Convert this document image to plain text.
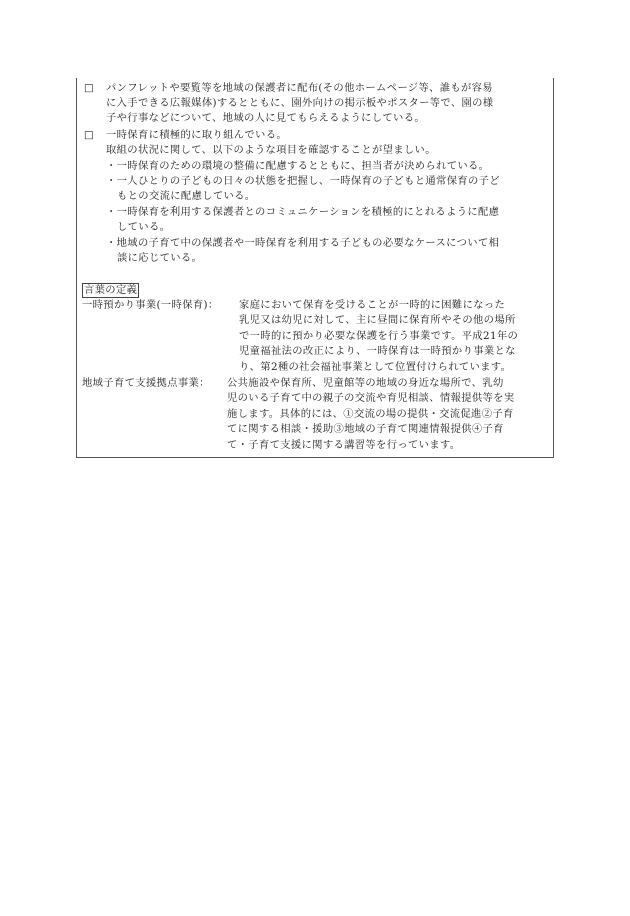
□ パンフレットや要覧等を地域の保護者に配布(その他ホームページ等、誰もが容易
に入手できる広報媒体)するとともに、園外向けの掲示板やポスター等で、園の様
子や行事などについて、地域の人に見てもらえるようにしている。
□ 一時保育に積極的に取り組んでいる。
取組の状況に関して、以下のような項目を確認することが望ましい。
・一時保育のための環境の整備に配慮するとともに、担当者が決められている。
・一人ひとりの子どもの日々の状態を把握し、一時保育の子どもと通常保育の子ど
もとの交流に配慮している。
・一時保育を利用する保護者とのコミュニケーションを積極的にとれるように配慮
している。
・地域の子育て中の保護者や一時保育を利用する子どもの必要なケースについて相
談に応じている。
言葉の定義
一時預かり事業(一時保育)： 家庭において保育を受けることが一時的に困難になった
乳児又は幼児に対して、主に昼間に保育所やその他の場所
で一時的に預かり必要な保護を行う事業です。平成21年の
児童福祉法の改正により、一時保育は一時預かり事業とな
り、第2種の社会福祉事業として位置付けられています。
地域子育て支援拠点事業： 公共施設や保育所、児童館等の地域の身近な場所で、乳幼
児のいる子育て中の親子の交流や育児相談、情報提供等を実
施します。具体的には、①交流の場の提供・交流促進②子育
てに関する相談・援助③地域の子育て関連情報提供④子育
て・子育て支援に関する講習等を行っています。
